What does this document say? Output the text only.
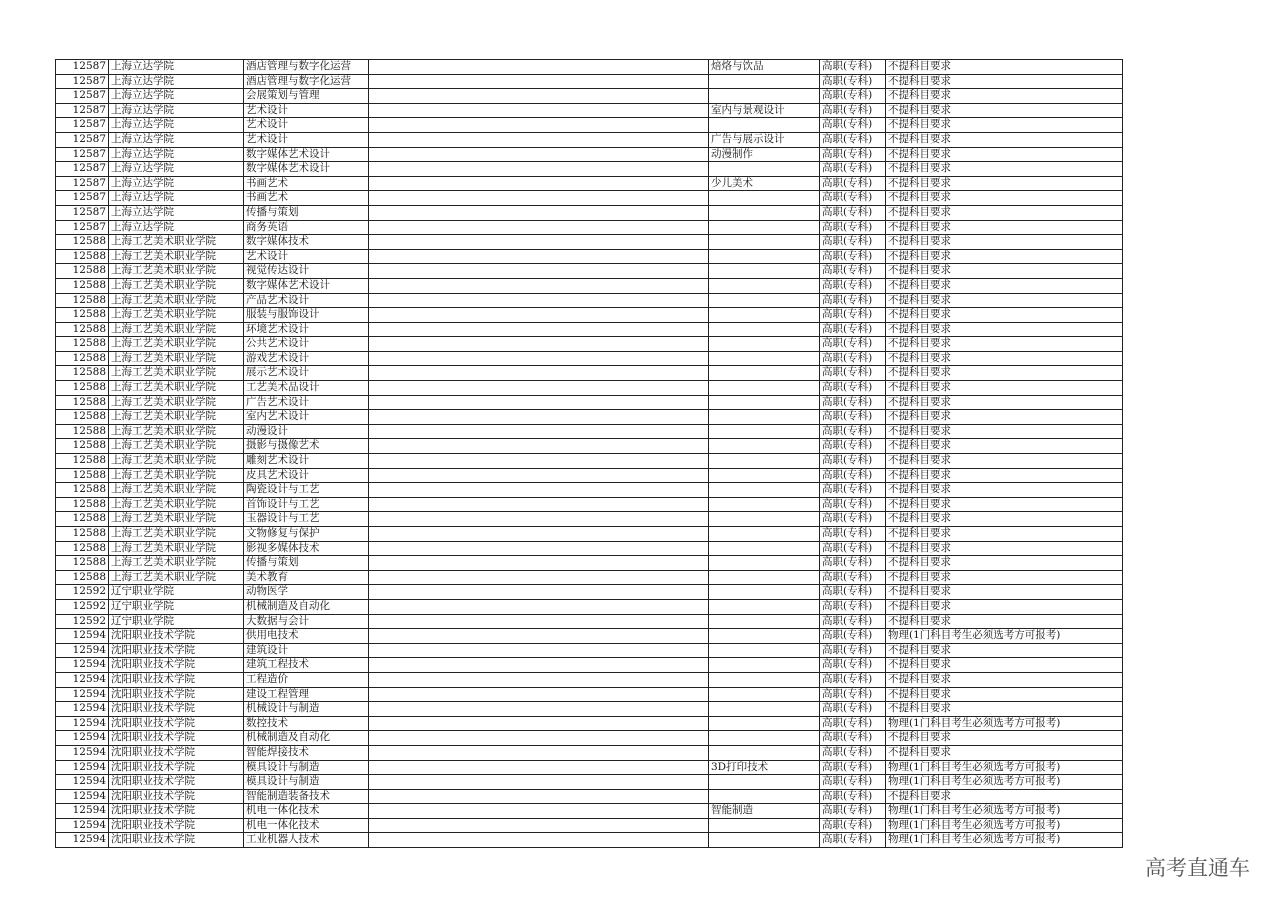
12587	上海立达学院	酒店管理与数字化运营		焙烙与饮品	高职(专科)	不提科目要求
12587	上海立达学院	酒店管理与数字化运营			高职(专科)	不提科目要求
12587	上海立达学院	会展策划与管理			高职(专科)	不提科目要求
12587	上海立达学院	艺术设计		室内与景观设计	高职(专科)	不提科目要求
12587	上海立达学院	艺术设计			高职(专科)	不提科目要求
12587	上海立达学院	艺术设计		广告与展示设计	高职(专科)	不提科目要求
12587	上海立达学院	数字媒体艺术设计		动漫制作	高职(专科)	不提科目要求
12587	上海立达学院	数字媒体艺术设计			高职(专科)	不提科目要求
12587	上海立达学院	书画艺术		少儿美术	高职(专科)	不提科目要求
12587	上海立达学院	书画艺术			高职(专科)	不提科目要求
12587	上海立达学院	传播与策划			高职(专科)	不提科目要求
12587	上海立达学院	商务英语			高职(专科)	不提科目要求
12588	上海工艺美术职业学院	数字媒体技术			高职(专科)	不提科目要求
12588	上海工艺美术职业学院	艺术设计			高职(专科)	不提科目要求
12588	上海工艺美术职业学院	视觉传达设计			高职(专科)	不提科目要求
12588	上海工艺美术职业学院	数字媒体艺术设计			高职(专科)	不提科目要求
12588	上海工艺美术职业学院	产品艺术设计			高职(专科)	不提科目要求
12588	上海工艺美术职业学院	服装与服饰设计			高职(专科)	不提科目要求
12588	上海工艺美术职业学院	环境艺术设计			高职(专科)	不提科目要求
12588	上海工艺美术职业学院	公共艺术设计			高职(专科)	不提科目要求
12588	上海工艺美术职业学院	游戏艺术设计			高职(专科)	不提科目要求
12588	上海工艺美术职业学院	展示艺术设计			高职(专科)	不提科目要求
12588	上海工艺美术职业学院	工艺美术品设计			高职(专科)	不提科目要求
12588	上海工艺美术职业学院	广告艺术设计			高职(专科)	不提科目要求
12588	上海工艺美术职业学院	室内艺术设计			高职(专科)	不提科目要求
12588	上海工艺美术职业学院	动漫设计			高职(专科)	不提科目要求
12588	上海工艺美术职业学院	摄影与摄像艺术			高职(专科)	不提科目要求
12588	上海工艺美术职业学院	雕刻艺术设计			高职(专科)	不提科目要求
12588	上海工艺美术职业学院	皮具艺术设计			高职(专科)	不提科目要求
12588	上海工艺美术职业学院	陶瓷设计与工艺			高职(专科)	不提科目要求
12588	上海工艺美术职业学院	首饰设计与工艺			高职(专科)	不提科目要求
12588	上海工艺美术职业学院	玉器设计与工艺			高职(专科)	不提科目要求
12588	上海工艺美术职业学院	文物修复与保护			高职(专科)	不提科目要求
12588	上海工艺美术职业学院	影视多媒体技术			高职(专科)	不提科目要求
12588	上海工艺美术职业学院	传播与策划			高职(专科)	不提科目要求
12588	上海工艺美术职业学院	美术教育			高职(专科)	不提科目要求
12592	辽宁职业学院	动物医学			高职(专科)	不提科目要求
12592	辽宁职业学院	机械制造及自动化			高职(专科)	不提科目要求
12592	辽宁职业学院	大数据与会计			高职(专科)	不提科目要求
12594	沈阳职业技术学院	供用电技术			高职(专科)	物理(1门科目考生必须选考方可报考)
12594	沈阳职业技术学院	建筑设计			高职(专科)	不提科目要求
12594	沈阳职业技术学院	建筑工程技术			高职(专科)	不提科目要求
12594	沈阳职业技术学院	工程造价			高职(专科)	不提科目要求
12594	沈阳职业技术学院	建设工程管理			高职(专科)	不提科目要求
12594	沈阳职业技术学院	机械设计与制造			高职(专科)	不提科目要求
12594	沈阳职业技术学院	数控技术			高职(专科)	物理(1门科目考生必须选考方可报考)
12594	沈阳职业技术学院	机械制造及自动化			高职(专科)	不提科目要求
12594	沈阳职业技术学院	智能焊接技术			高职(专科)	不提科目要求
12594	沈阳职业技术学院	模具设计与制造		3D打印技术	高职(专科)	物理(1门科目考生必须选考方可报考)
12594	沈阳职业技术学院	模具设计与制造			高职(专科)	物理(1门科目考生必须选考方可报考)
12594	沈阳职业技术学院	智能制造装备技术			高职(专科)	不提科目要求
12594	沈阳职业技术学院	机电一体化技术		智能制造	高职(专科)	物理(1门科目考生必须选考方可报考)
12594	沈阳职业技术学院	机电一体化技术			高职(专科)	物理(1门科目考生必须选考方可报考)
12594	沈阳职业技术学院	工业机器人技术			高职(专科)	物理(1门科目考生必须选考方可报考)
高考直通车
